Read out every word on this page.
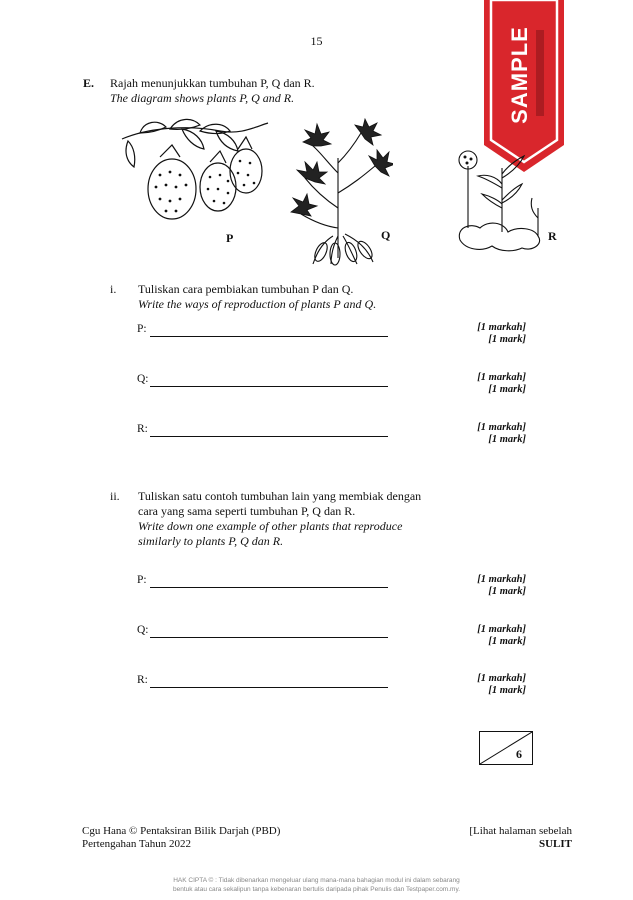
15	SAMPLE
E. Rajah menunjukkan tumbuhan P, Q dan R.
The diagram shows plants P, Q and R.
P	Q	R
i. Tuliskan cara pembiakan tumbuhan P dan Q.
Write the ways of reproduction of plants P and Q.
P:	[1 markah]
[1 mark]
Q:	[1 markah]
[1 mark]
R:	[1 markah]
[1 mark]
ii. Tuliskan satu contoh tumbuhan lain yang membiak dengan
cara yang sama seperti tumbuhan P, Q dan R.
Write down one example of other plants that reproduce
similarly to plants P, Q dan R.
P:	[1 markah]
[1 mark]
Q:	[1 markah]
[1 mark]
R:	[1 markah]
[1 mark]
6
Cgu Hana © Pentaksiran Bilik Darjah (PBD)
Pertengahan Tahun 2022
[Lihat halaman sebelah
SULIT
HAK CIPTA © : Tidak dibenarkan mengeluar ulang mana-mana bahagian modul ini dalam sebarang
bentuk atau cara sekalipun tanpa kebenaran bertulis daripada pihak Penulis dan Testpaper.com.my.
